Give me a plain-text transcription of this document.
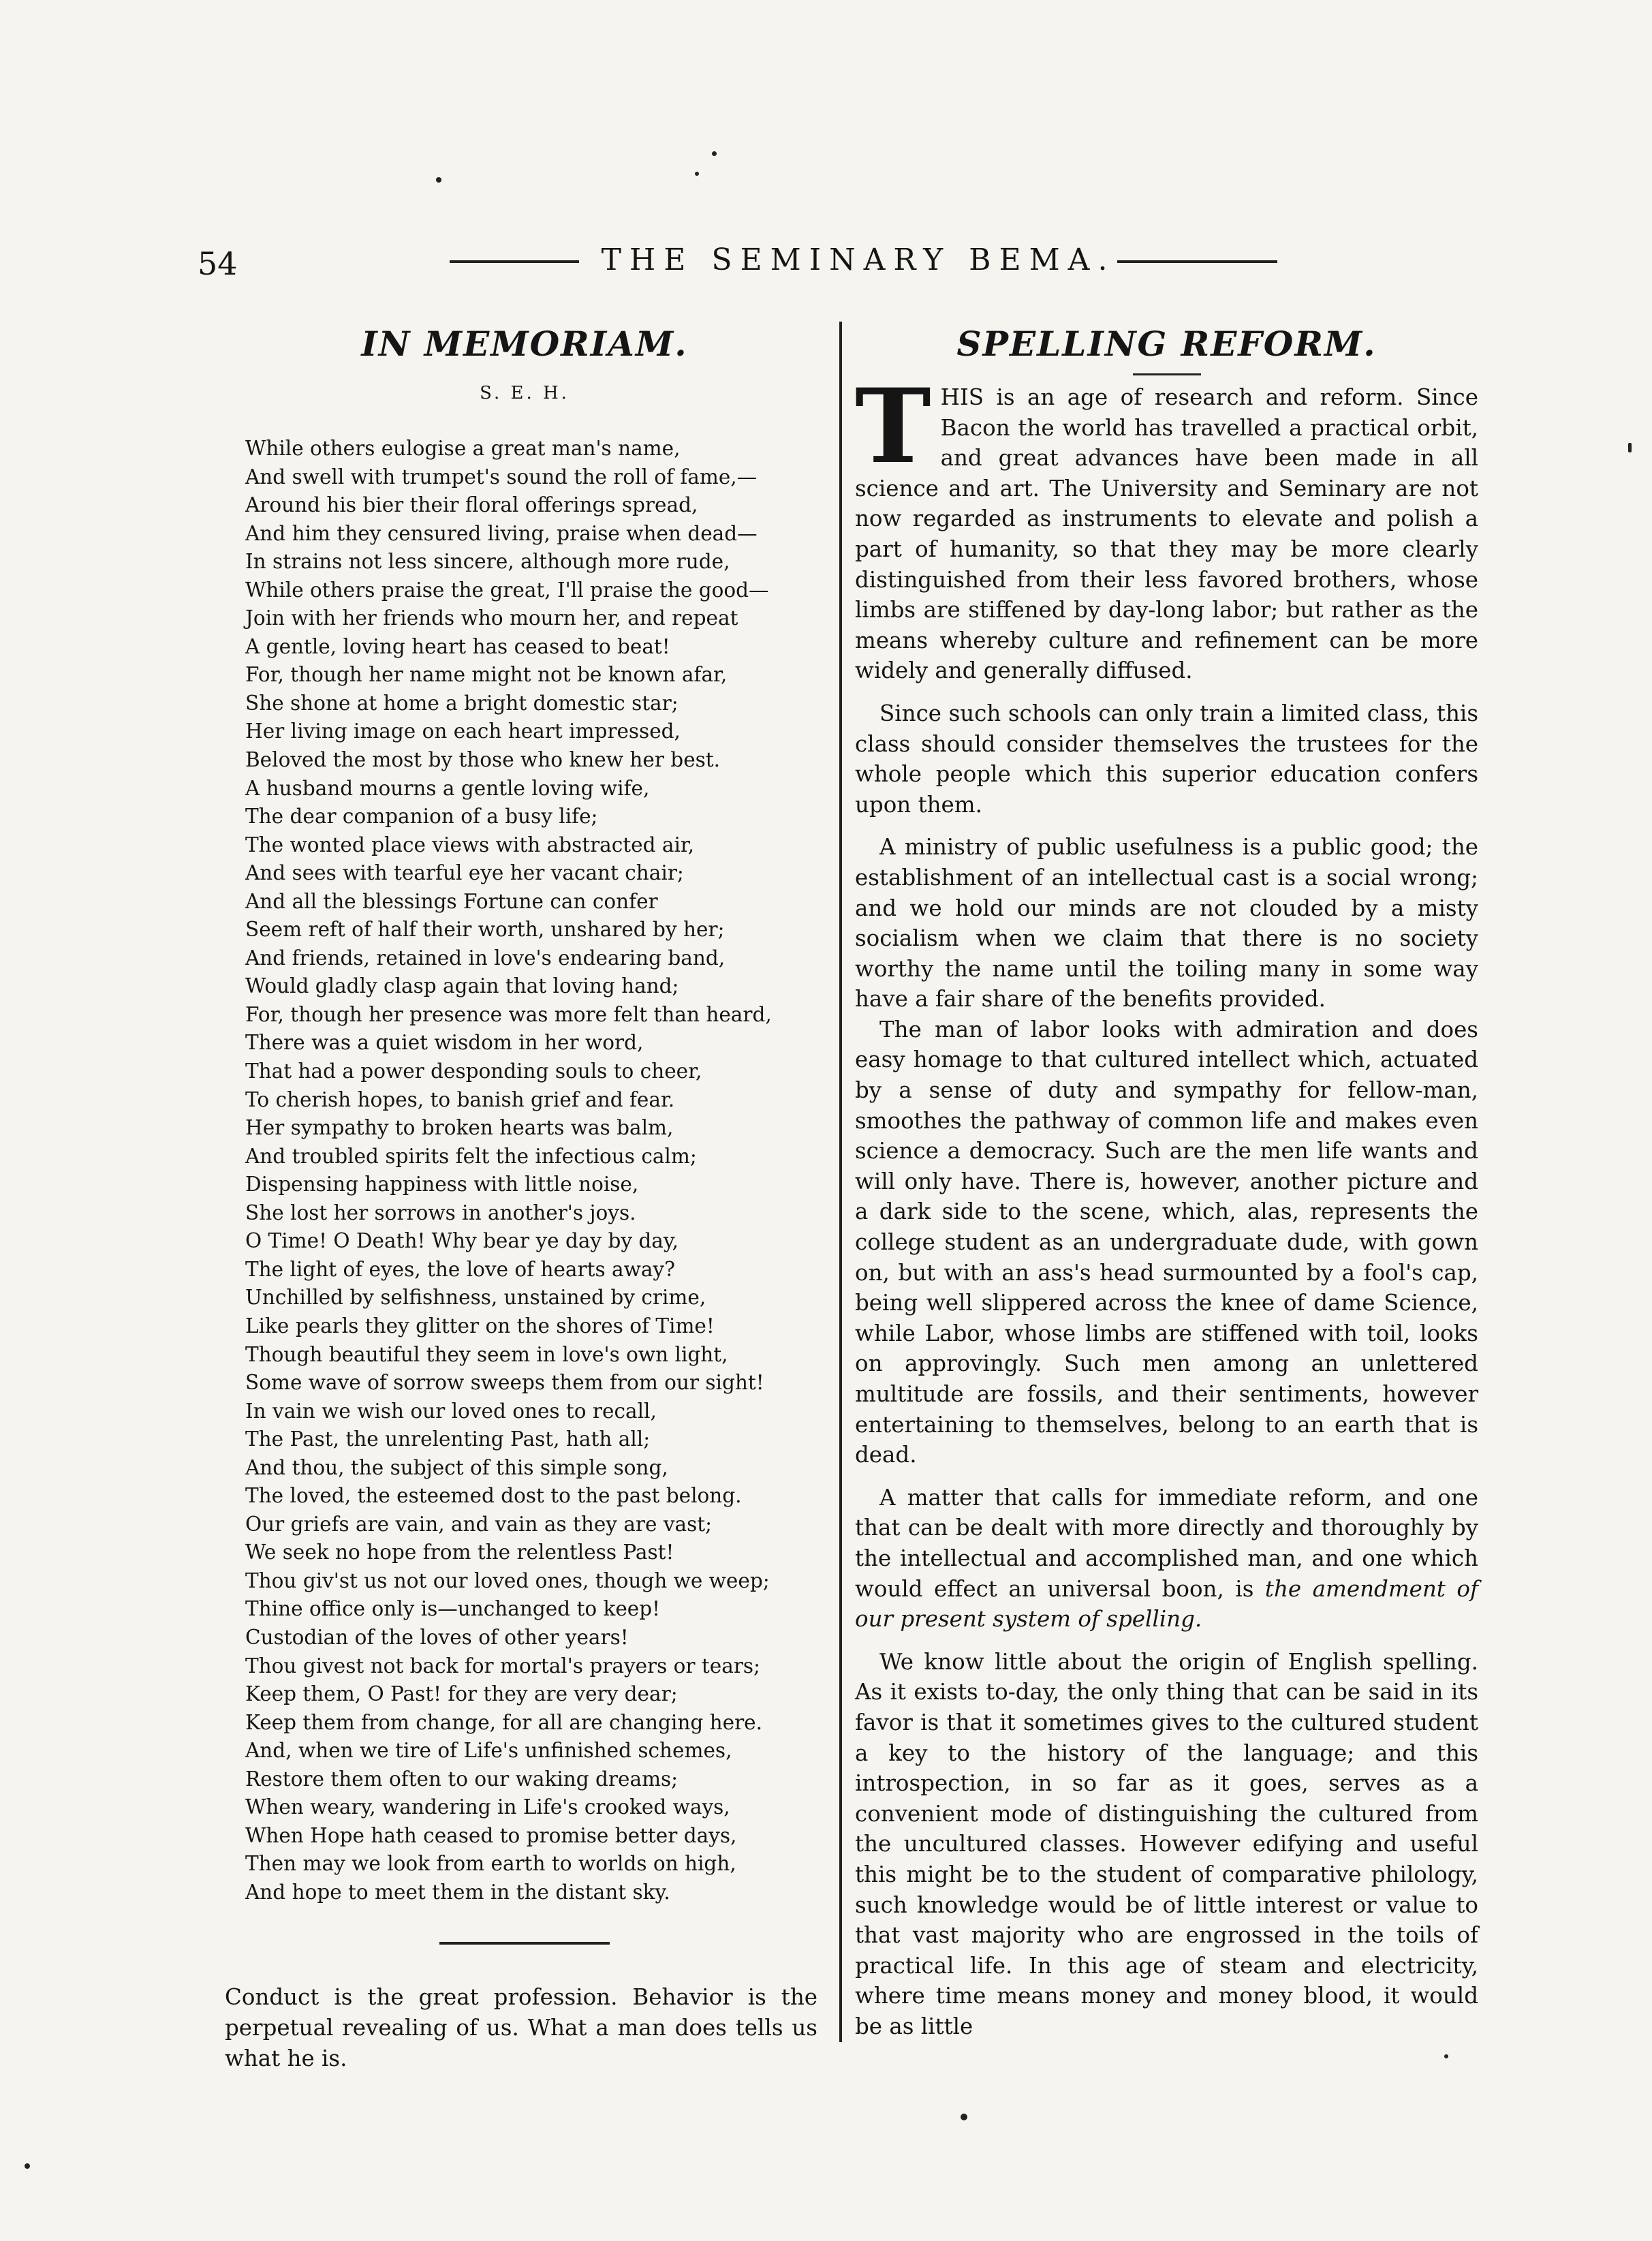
54	THE SEMINARY BEMA.
IN MEMORIAM.
S. E. H.
While others eulogise a great man's name,
And swell with trumpet's sound the roll of fame,—
Around his bier their floral offerings spread,
And him they censured living, praise when dead—
In strains not less sincere, although more rude,
While others praise the great, I'll praise the good—
Join with her friends who mourn her, and repeat
A gentle, loving heart has ceased to beat!
For, though her name might not be known afar,
She shone at home a bright domestic star;
Her living image on each heart impressed,
Beloved the most by those who knew her best.
A husband mourns a gentle loving wife,
The dear companion of a busy life;
The wonted place views with abstracted air,
And sees with tearful eye her vacant chair;
And all the blessings Fortune can confer
Seem reft of half their worth, unshared by her;
And friends, retained in love's endearing band,
Would gladly clasp again that loving hand;
For, though her presence was more felt than heard,
There was a quiet wisdom in her word,
That had a power desponding souls to cheer,
To cherish hopes, to banish grief and fear.
Her sympathy to broken hearts was balm,
And troubled spirits felt the infectious calm;
Dispensing happiness with little noise,
She lost her sorrows in another's joys.
O Time! O Death! Why bear ye day by day,
The light of eyes, the love of hearts away?
Unchilled by selfishness, unstained by crime,
Like pearls they glitter on the shores of Time!
Though beautiful they seem in love's own light,
Some wave of sorrow sweeps them from our sight!
In vain we wish our loved ones to recall,
The Past, the unrelenting Past, hath all;
And thou, the subject of this simple song,
The loved, the esteemed dost to the past belong.
Our griefs are vain, and vain as they are vast;
We seek no hope from the relentless Past!
Thou giv'st us not our loved ones, though we weep;
Thine office only is—unchanged to keep!
Custodian of the loves of other years!
Thou givest not back for mortal's prayers or tears;
Keep them, O Past! for they are very dear;
Keep them from change, for all are changing here.
And, when we tire of Life's unfinished schemes,
Restore them often to our waking dreams;
When weary, wandering in Life's crooked ways,
When Hope hath ceased to promise better days,
Then may we look from earth to worlds on high,
And hope to meet them in the distant sky.

Conduct is the great profession. Behavior is the perpetual revealing of us. What a man does tells us what he is.

SPELLING REFORM.

THIS is an age of research and reform. Since Bacon the world has travelled a practical orbit, and great advances have been made in all science and art. The University and Seminary are not now regarded as instruments to elevate and polish a part of humanity, so that they may be more clearly distinguished from their less favored brothers, whose limbs are stiffened by day-long labor; but rather as the means whereby culture and refinement can be more widely and generally diffused.

Since such schools can only train a limited class, this class should consider themselves the trustees for the whole people which this superior education confers upon them.

A ministry of public usefulness is a public good; the establishment of an intellectual cast is a social wrong; and we hold our minds are not clouded by a misty socialism when we claim that there is no society worthy the name until the toiling many in some way have a fair share of the benefits provided.

The man of labor looks with admiration and does easy homage to that cultured intellect which, actuated by a sense of duty and sympathy for fellow-man, smoothes the pathway of common life and makes even science a democracy. Such are the men life wants and will only have. There is, however, another picture and a dark side to the scene, which, alas, represents the college student as an undergraduate dude, with gown on, but with an ass's head surmounted by a fool's cap, being well slippered across the knee of dame Science, while Labor, whose limbs are stiffened with toil, looks on approvingly. Such men among an unlettered multitude are fossils, and their sentiments, however entertaining to themselves, belong to an earth that is dead.

A matter that calls for immediate reform, and one that can be dealt with more directly and thoroughly by the intellectual and accomplished man, and one which would effect an universal boon, is the amendment of our present system of spelling.

We know little about the origin of English spelling. As it exists to-day, the only thing that can be said in its favor is that it sometimes gives to the cultured student a key to the history of the language; and this introspection, in so far as it goes, serves as a convenient mode of distinguishing the cultured from the uncultured classes. However edifying and useful this might be to the student of comparative philology, such knowledge would be of little interest or value to that vast majority who are engrossed in the toils of practical life. In this age of steam and electricity, where time means money and money blood, it would be as little
